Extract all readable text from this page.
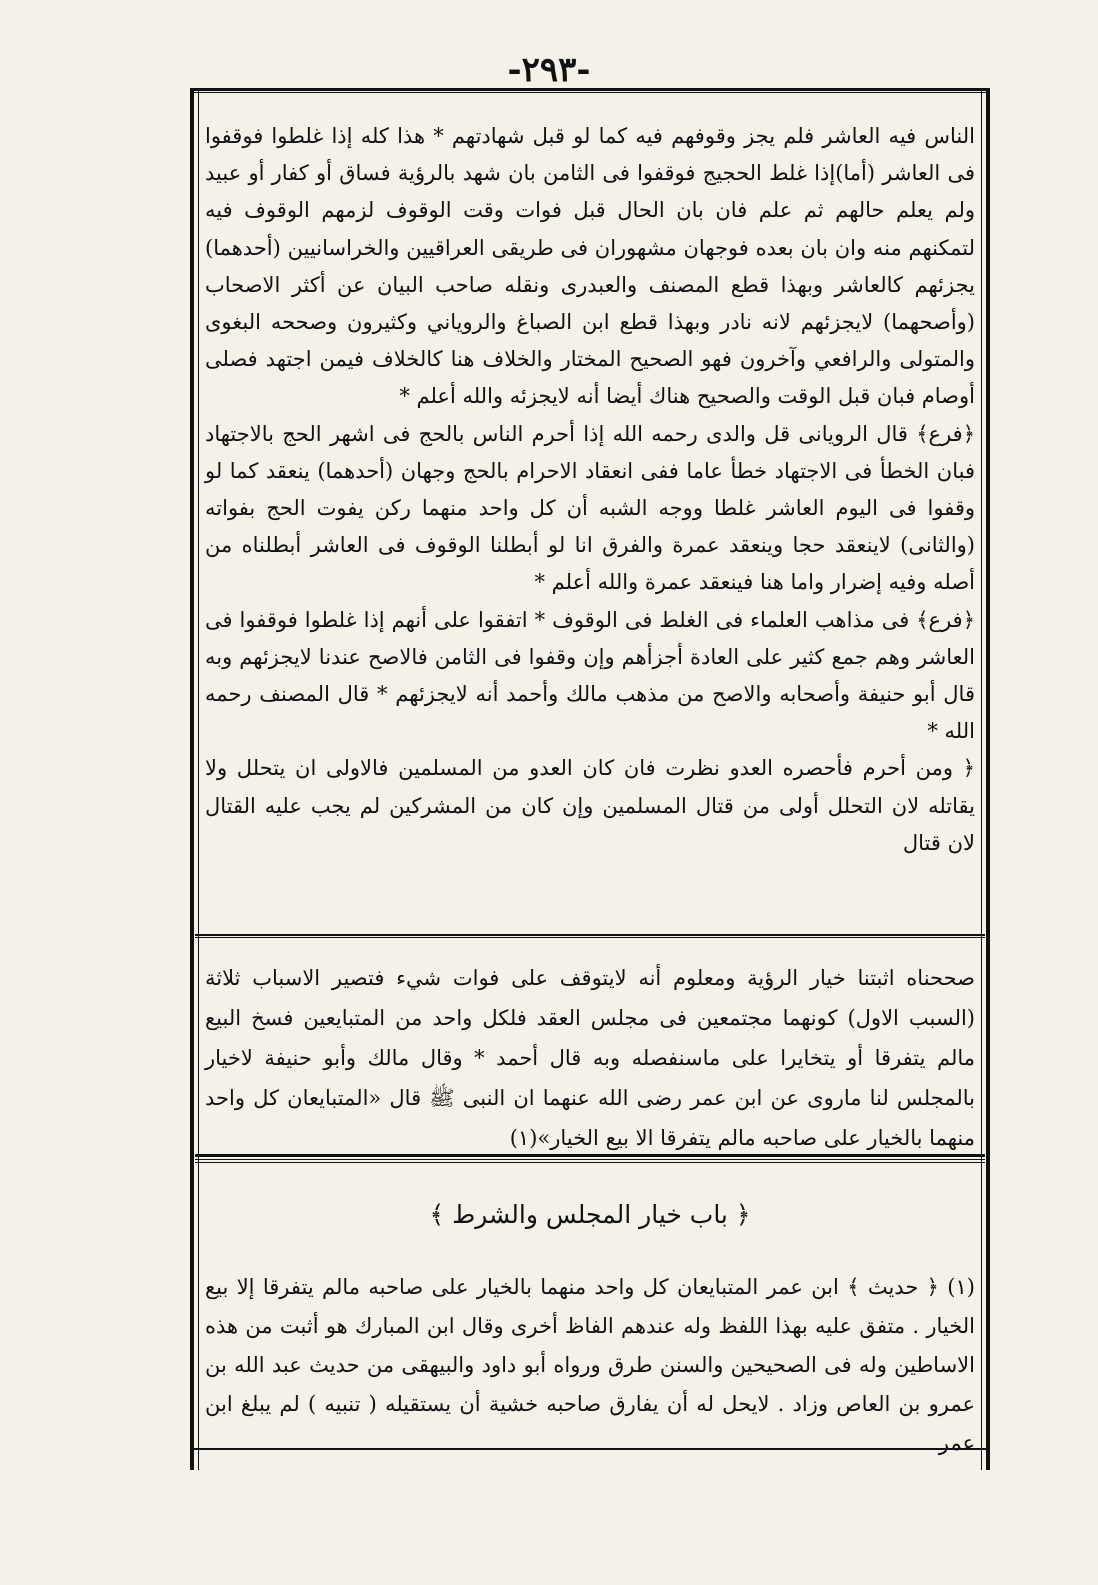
-٢٩٣-

الناس فيه العاشر فلم يجز وقوفهم فيه كما لو قبل شهادتهم * هذا كله إذا غلطوا فوقفوا فى العاشر (أما)إذا غلط الحجيج فوقفوا فى الثامن بان شهد بالرؤية فساق أو كفار أو عبيد ولم يعلم حالهم ثم علم فان بان الحال قبل فوات وقت الوقوف لزمهم الوقوف فيه لتمكنهم منه وان بان بعده فوجهان مشهوران فى طريقى العراقيين والخراسانيين (أحدهما) يجزئهم كالعاشر وبهذا قطع المصنف والعبدرى ونقله صاحب البيان عن أكثر الاصحاب (وأصحهما) لايجزئهم لانه نادر وبهذا قطع ابن الصباغ والروياني وكثيرون وصححه البغوى والمتولى والرافعي وآخرون فهو الصحيح المختار والخلاف هنا كالخلاف فيمن اجتهد فصلى أوصام فبان قبل الوقت والصحيح هناك أيضا أنه لايجزئه والله أعلم *

﴿فرع﴾ قال الرويانى قل والدى رحمه الله إذا أحرم الناس بالحج فى اشهر الحج بالاجتهاد فبان الخطأ فى الاجتهاد خطأ عاما ففى انعقاد الاحرام بالحج وجهان (أحدهما) ينعقد كما لو وقفوا فى اليوم العاشر غلطا ووجه الشبه أن كل واحد منهما ركن يفوت الحج بفواته (والثانى) لاينعقد حجا وينعقد عمرة والفرق انا لو أبطلنا الوقوف فى العاشر أبطلناه من أصله وفيه إضرار واما هنا فينعقد عمرة والله أعلم *

﴿فرع﴾ فى مذاهب العلماء فى الغلط فى الوقوف * اتفقوا على أنهم إذا غلطوا فوقفوا فى العاشر وهم جمع كثير على العادة أجزأهم وإن وقفوا فى الثامن فالاصح عندنا لايجزئهم وبه قال أبو حنيفة وأصحابه والاصح من مذهب مالك وأحمد أنه لايجزئهم * قال المصنف رحمه الله *

﴿ ومن أحرم فأحصره العدو نظرت فان كان العدو من المسلمين فالاولى ان يتحلل ولا يقاتله لان التحلل أولى من قتال المسلمين وإن كان من المشركين لم يجب عليه القتال لان قتال

صححناه اثبتنا خيار الرؤية ومعلوم أنه لايتوقف على فوات شيء فتصير الاسباب ثلاثة (السبب الاول) كونهما مجتمعين فى مجلس العقد فلكل واحد من المتبايعين فسخ البيع مالم يتفرقا أو يتخايرا على ماسنفصله وبه قال أحمد * وقال مالك وأبو حنيفة لاخيار بالمجلس لنا ماروى عن ابن عمر رضى الله عنهما ان النبى ﷺ قال «المتبايعان كل واحد منهما بالخيار على صاحبه مالم يتفرقا الا بيع الخيار»(١)

﴿ باب خيار المجلس والشرط ﴾

(١) ﴿ حديث ﴾ ابن عمر المتبايعان كل واحد منهما بالخيار على صاحبه مالم يتفرقا إلا بيع الخيار . متفق عليه بهذا اللفظ وله عندهم الفاظ أخرى وقال ابن المبارك هو أثبت من هذه الاساطين وله فى الصحيحين والسنن طرق ورواه أبو داود والبيهقى من حديث عبد الله بن عمرو بن العاص وزاد . لايحل له أن يفارق صاحبه خشية أن يستقيله ( تنبيه ) لم يبلغ ابن عمر
